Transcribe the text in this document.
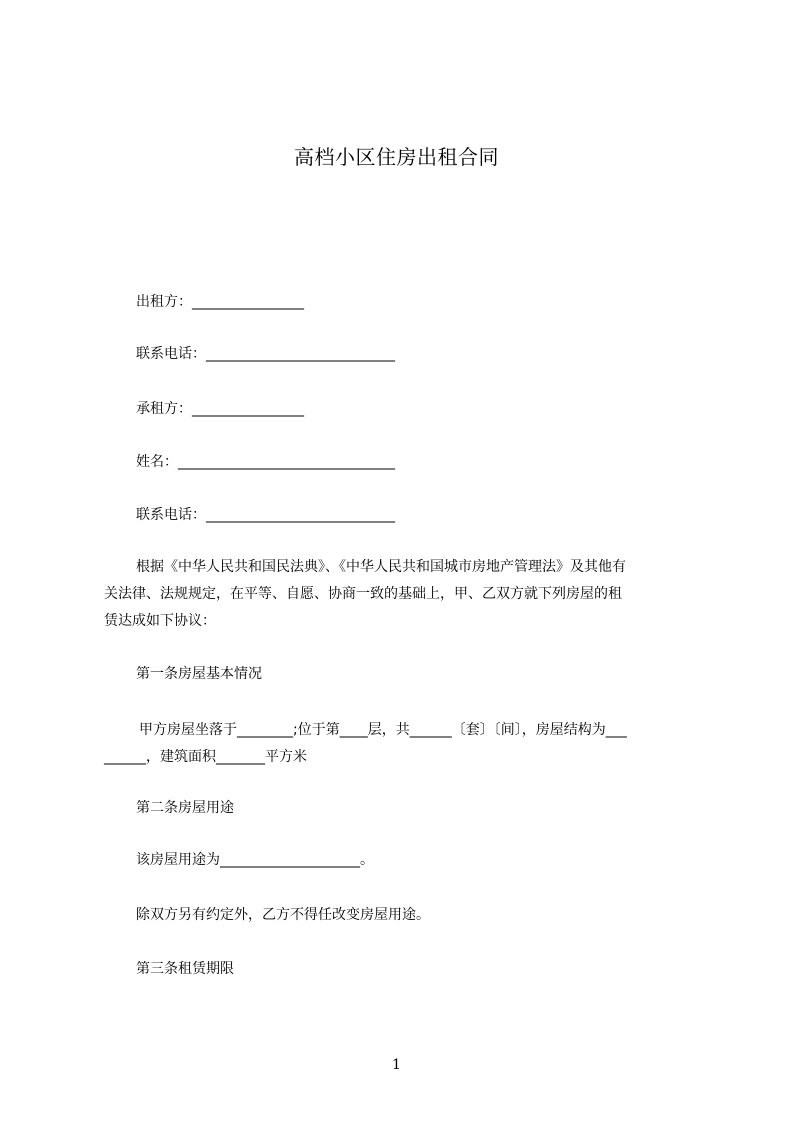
高档小区住房出租合同
出租方：________________
联系电话：___________________________
承租方：________________
姓名：_______________________________
联系电话：___________________________
根据《中华人民共和国民法典》、《中华人民共和国城市房地产管理法》及其他有
关法律、法规规定，在平等、自愿、协商一致的基础上，甲、乙双方就下列房屋的租
赁达成如下协议：
第一条房屋基本情况
甲方房屋坐落于________;位于第____层，共______〔套〕〔间〕，房屋结构为___
______，建筑面积_______平方米
第二条房屋用途
该房屋用途为____________________。
除双方另有约定外，乙方不得任改变房屋用途。
第三条租赁期限
1
